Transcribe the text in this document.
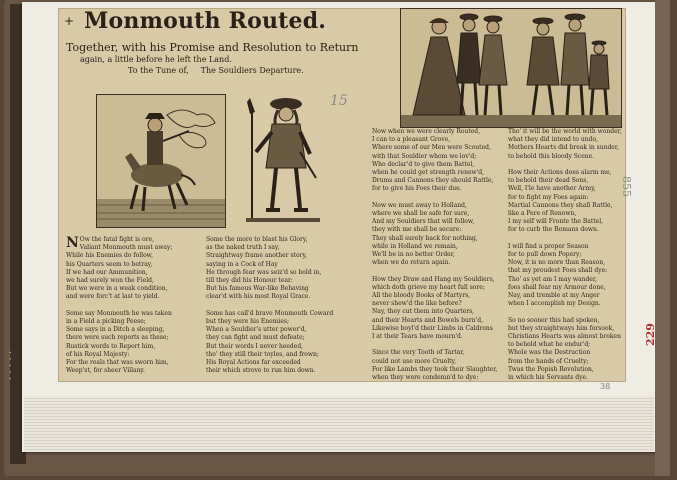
• • • • •
+ Monmouth Routed.
Together, with his Promise and Resolution to Return
again, a little before he left the Land.
To the Tune of, The Souldiers Departure.
15
N Ow the fatal fight is ore,
Valiant Monmouth must away;
While his Enemies do follow,
his Quarters seem to betray,
If we had our Ammunition,
we had surely won the Field,
But we were in a weak condition,
and were forc't at last to yield.

Some say Monmouth he was taken
in a Field a picking Peese;
Some says in a Ditch a sleeping,
there were such reports as these;
Rustick words to Report him,
of his Royal Majesty:
For the reals that was sworn him,
Weep'st, for sheer Villany.
Some the more to blast his Glory,
as the naked truth I say,
Straightway frame another story,
saying in a Cock of Hay
He through fear was seiz'd so bold in,
till they did his Honour tear:
But his famous War-like Behaving
clear'd with his most Royal Grace.

Some has call'd brave Monmouth Coward
but they were his Enemies;
When a Souldier's utter power'd,
they can fight and must defeate;
But their words I never heeded,
tho' they still their toyles, and frown;
His Royal Actions far exceeded
their which strove to run him down.
Now when we were clearly Routed,
I can to a pleasant Grove,
Where some of our Men were Scouted,
with that Souldier whom we lov'd;
Who declar'd to give them Battel,
when he could get strength renew'd,
Drums and Cannons they should Rattle,
for to give his Foes their due.

Now we must away to Holland,
where we shall be safe for sure,
And my Souldiers that will follow,
they with me shall be secure:
They shall surely back for nothing,
while in Holland we remain,
We'll be in no better Order,
when we do return again.

How they Draw and Hang my Souldiers,
which doth grieve my heart full sore;
All the bloody Books of Martyrs,
never shew'd the like before?
Nay, they cut them into Quarters,
and their Hearts and Bowels burn'd,
Likewise boyl'd their Limbs in Caldrons
I at their Tears have mourn'd.

Since the very Tooth of Tartar,
could not use more Cruelty,
For like Lambs they took their Slaughter,
when they were condemn'd to dye:
Tho' it will be the world with wonder,
what they did intend to undo,
Mothers Hearts did break in sunder,
to behold this bloody Scene.

How their Actions does alarm me,
to behold their dead Sons,
Well, I'le have another Army,
for to fight my Foes again:
Martial Cannons they shall Rattle,
like a Pere of Renown,
I my self will Fronte the Battel,
for to curb the Romans down.

I will find a proper Season
for to pull down Popery;
Now, it is no more than Reason,
that my proudest Foes shall dye:
Tho' as yet am I may wander,
foes shall fear my Armour done,
Nay, and tremble at my Anger
when I accomplish my Design.

So no sooner this had spoken,
but they straightways him forsook,
Christians Hearts was almost broken
to behold what he endur'd;
Whole was the Destruction
from the hands of Cruelty;
Twas the Popish Revolution,
in which his Servants dye.
855
229
38
